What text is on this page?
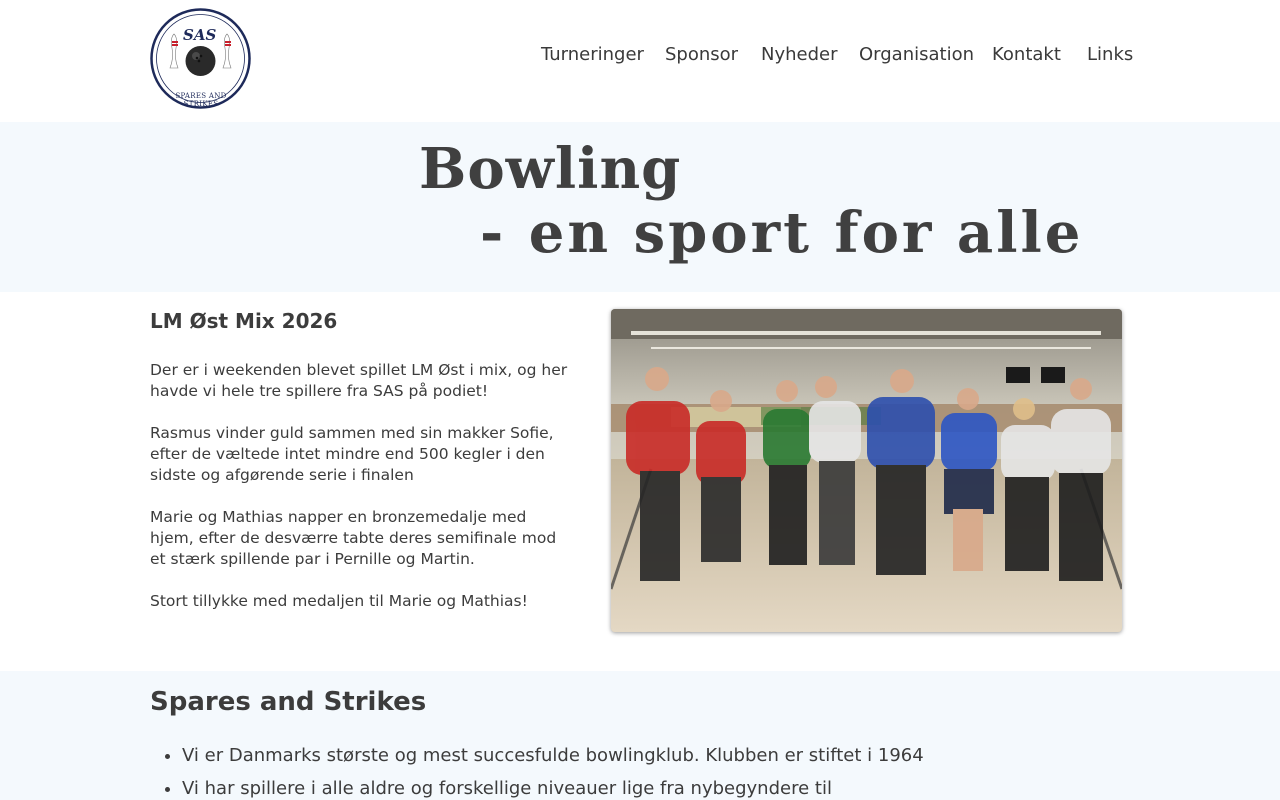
SAS
SPARES AND STRIKES
Turneringer Sponsor Nyheder Organisation Kontakt Links
Bowling
- en sport for alle
LM Øst Mix 2026

Der er i weekenden blevet spillet LM Øst i mix, og her havde vi hele tre spillere fra SAS på podiet!

Rasmus vinder guld sammen med sin makker Sofie, efter de væltede intet mindre end 500 kegler i den sidste og afgørende serie i finalen

Marie og Mathias napper en bronzemedalje med hjem, efter de desværre tabte deres semifinale mod et stærk spillende par i Pernille og Martin.

Stort tillykke med medaljen til Marie og Mathias!

Spares and Strikes
• Vi er Danmarks største og mest succesfulde bowlingklub. Klubben er stiftet i 1964
• Vi har spillere i alle aldre og forskellige niveauer lige fra nybegyndere til
